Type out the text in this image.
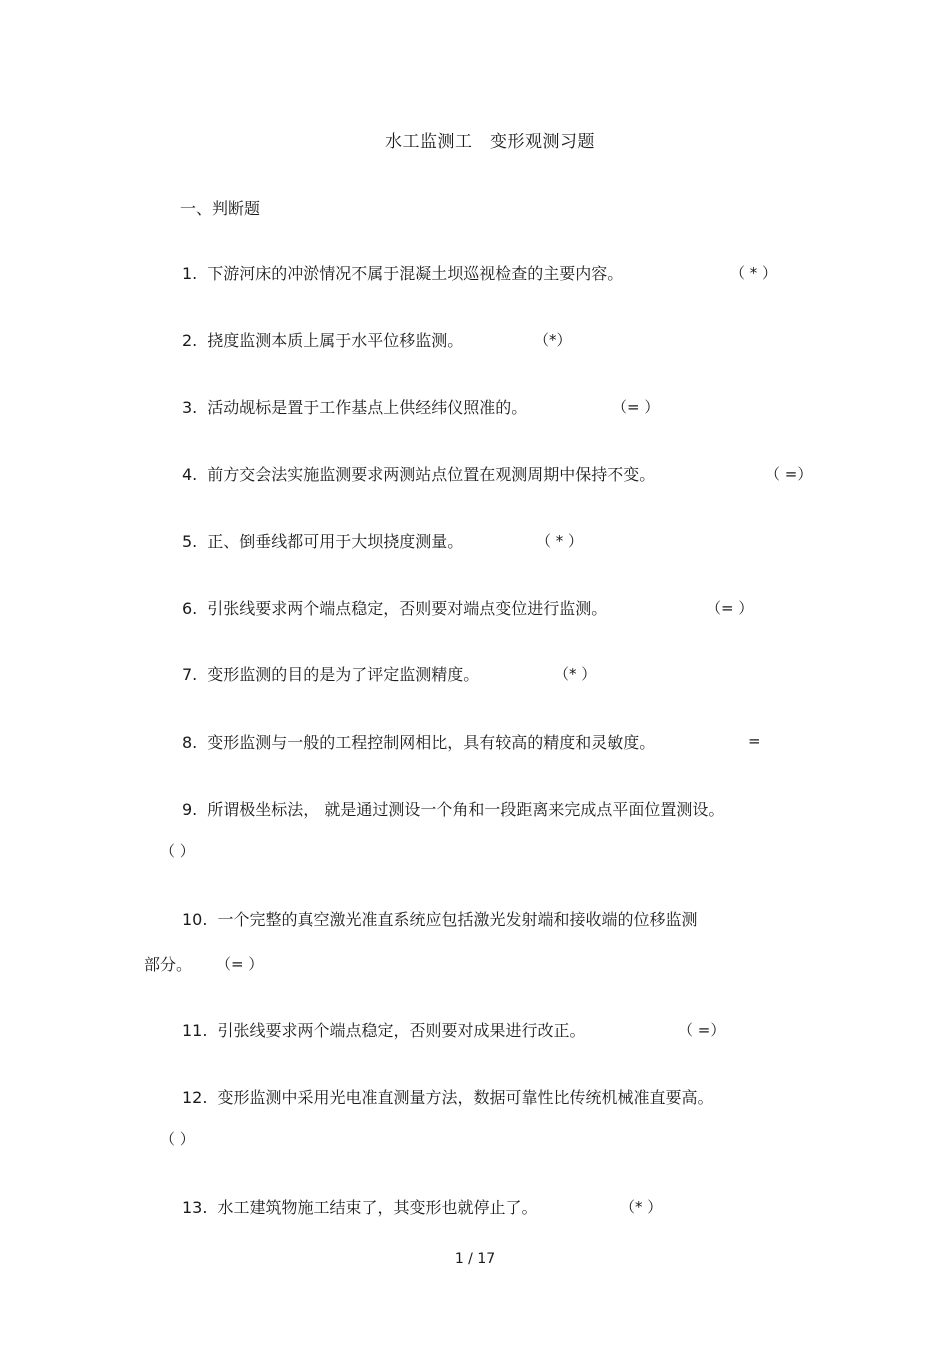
水工监测工　变形观测习题
一、判断题
1. 下游河床的冲淤情况不属于混凝土坝巡视检查的主要内容。	（ * ）
2. 挠度监测本质上属于水平位移监测。	（*）
3. 活动觇标是置于工作基点上供经纬仪照准的。	（= ）
4. 前方交会法实施监测要求两测站点位置在观测周期中保持不变。	（ =）
5. 正、倒垂线都可用于大坝挠度测量。	（ * ）
6. 引张线要求两个端点稳定，否则要对端点变位进行监测。	（= ）
7. 变形监测的目的是为了评定监测精度。	（* ）
8. 变形监测与一般的工程控制网相比，具有较高的精度和灵敏度。	=
9. 所谓极坐标法， 就是通过测设一个角和一段距离来完成点平面位置测设。
（ ）
10. 一个完整的真空激光准直系统应包括激光发射端和接收端的位移监测
部分。 （= ）
11. 引张线要求两个端点稳定，否则要对成果进行改正。	（ =）
12. 变形监测中采用光电准直测量方法，数据可靠性比传统机械准直要高。
（ ）
13. 水工建筑物施工结束了，其变形也就停止了。	（* ）
1 / 17
